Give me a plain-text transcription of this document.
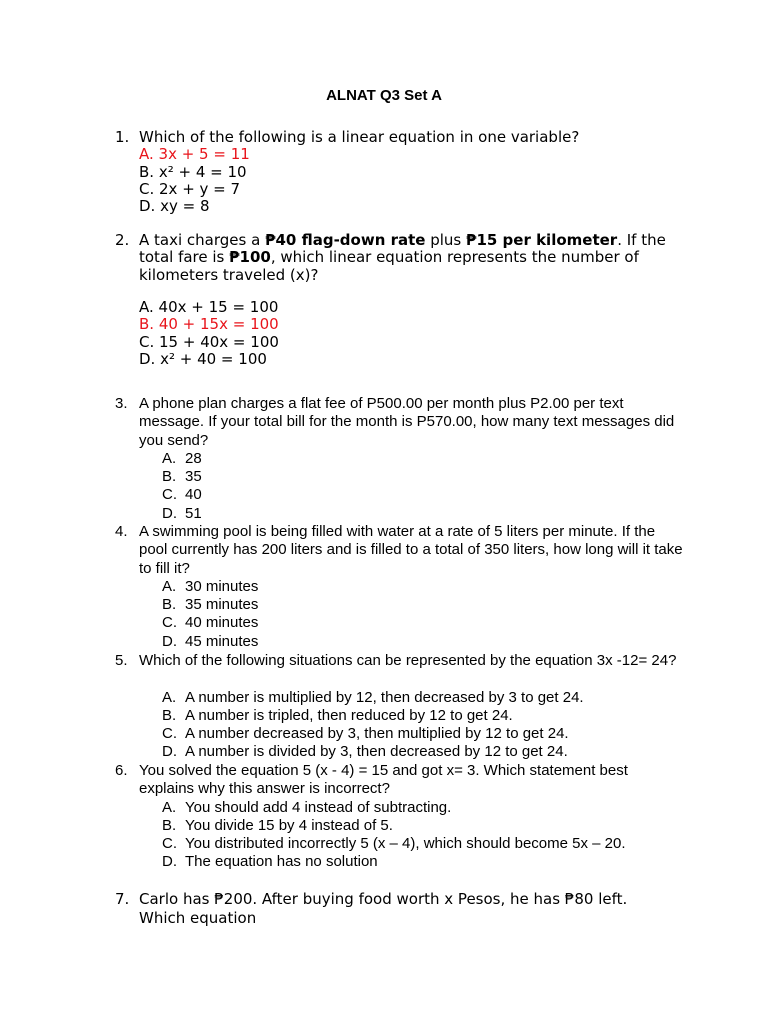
ALNAT Q3 Set A
1. Which of the following is a linear equation in one variable?
A. 3x + 5 = 11
B. x² + 4 = 10
C. 2x + y = 7
D. xy = 8
2. A taxi charges a ₱40 flag-down rate plus ₱15 per kilometer. If the total fare is ₱100, which linear equation represents the number of kilometers traveled (x)?
A. 40x + 15 = 100
B. 40 + 15x = 100
C. 15 + 40x = 100
D. x² + 40 = 100
3. A phone plan charges a flat fee of P500.00 per month plus P2.00 per text message. If your total bill for the month is P570.00, how many text messages did you send?
A. 28
B. 35
C. 40
D. 51
4. A swimming pool is being filled with water at a rate of 5 liters per minute. If the pool currently has 200 liters and is filled to a total of 350 liters, how long will it take to fill it?
A. 30 minutes
B. 35 minutes
C. 40 minutes
D. 45 minutes
5. Which of the following situations can be represented by the equation 3x -12= 24?
A. A number is multiplied by 12, then decreased by 3 to get 24.
B. A number is tripled, then reduced by 12 to get 24.
C. A number decreased by 3, then multiplied by 12 to get 24.
D. A number is divided by 3, then decreased by 12 to get 24.
6. You solved the equation 5 (x - 4) = 15 and got x= 3. Which statement best explains why this answer is incorrect?
A. You should add 4 instead of subtracting.
B. You divide 15 by 4 instead of 5.
C. You distributed incorrectly 5 (x – 4), which should become 5x – 20.
D. The equation has no solution
7. Carlo has ₱200. After buying food worth x Pesos, he has ₱80 left. Which equation
